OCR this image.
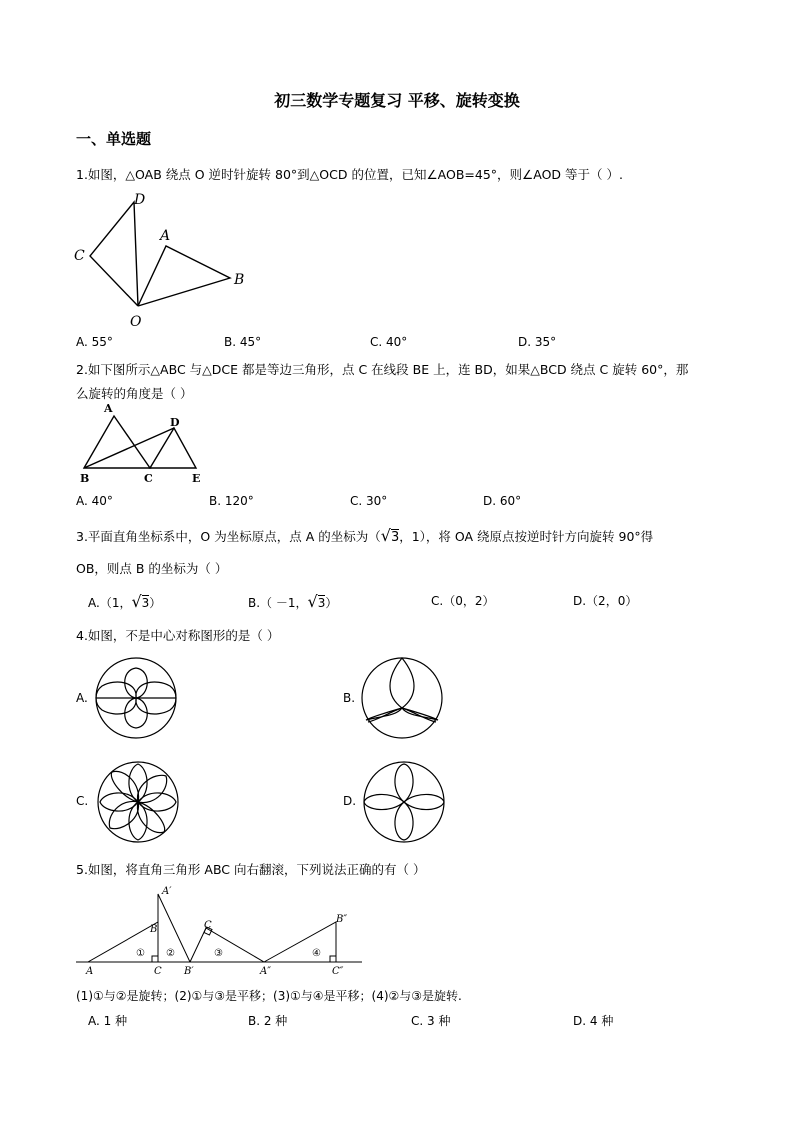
初三数学专题复习 平移、旋转变换
一、单选题
1.如图，△OAB 绕点 O 逆时针旋转 80°到△OCD 的位置，已知∠AOB=45°，则∠AOD 等于（ ）.
D
A
C
B
O
A. 55°	B. 45°	C. 40°	D. 35°
2.如下图所示△ABC 与△DCE 都是等边三角形，点 C 在线段 BE 上，连 BD，如果△BCD 绕点 C 旋转 60°，那
么旋转的角度是（ ）
A
D
B	C	E
A. 40°	B. 120°	C. 30°	D. 60°
3.平面直角坐标系中，O 为坐标原点，点 A 的坐标为（√3，1），将 OA 绕原点按逆时针方向旋转 90°得
OB，则点 B 的坐标为（ ）
A.（1，√3）	B.（ －1，√3）	C.（0，2）	D.（2，0）
4.如图，不是中心对称图形的是（ ）
A.	B.
C.	D.
5.如图，将直角三角形 ABC 向右翻滚，下列说法正确的有（ ）
A′
B
C
A	B′
C
A″	C″
B″
① ②	③	④
(1)①与②是旋转；(2)①与③是平移；(3)①与④是平移；(4)②与③是旋转.
A. 1 种	B. 2 种	C. 3 种	D. 4 种
